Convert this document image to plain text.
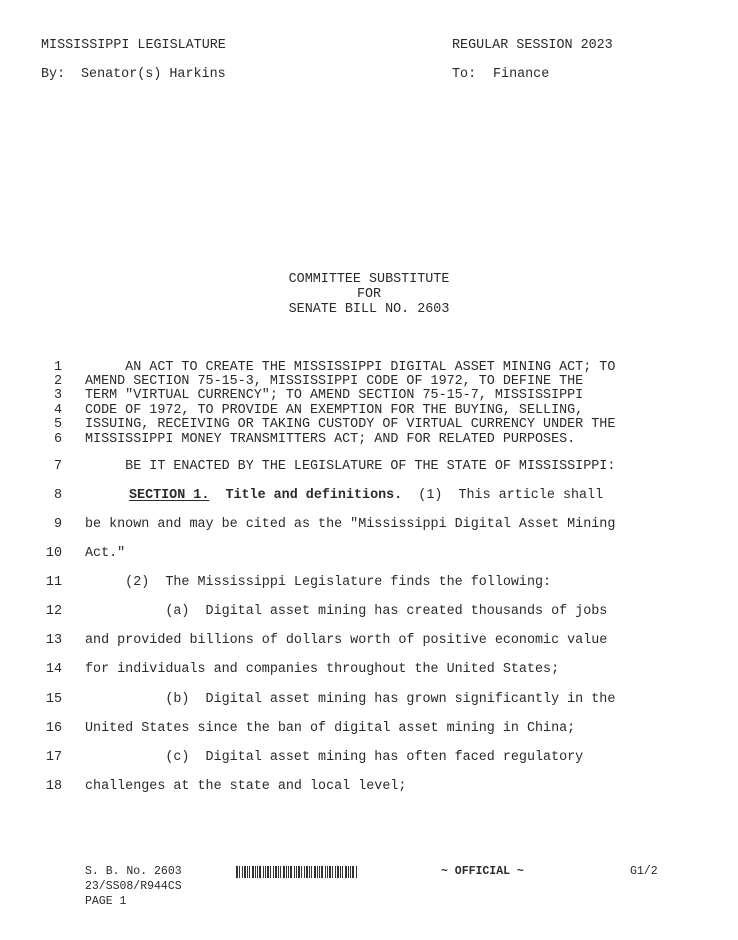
MISSISSIPPI LEGISLATURE	REGULAR SESSION 2023
By: Senator(s) Harkins	To: Finance
COMMITTEE SUBSTITUTE
FOR
SENATE BILL NO. 2603
1 AN ACT TO CREATE THE MISSISSIPPI DIGITAL ASSET MINING ACT; TO
2 AMEND SECTION 75-15-3, MISSISSIPPI CODE OF 1972, TO DEFINE THE
3 TERM "VIRTUAL CURRENCY"; TO AMEND SECTION 75-15-7, MISSISSIPPI
4 CODE OF 1972, TO PROVIDE AN EXEMPTION FOR THE BUYING, SELLING,
5 ISSUING, RECEIVING OR TAKING CUSTODY OF VIRTUAL CURRENCY UNDER THE
6 MISSISSIPPI MONEY TRANSMITTERS ACT; AND FOR RELATED PURPOSES.
7 BE IT ENACTED BY THE LEGISLATURE OF THE STATE OF MISSISSIPPI:
8	SECTION 1. Title and definitions.  (1)  This article shall
9 be known and may be cited as the "Mississippi Digital Asset Mining
10 Act."
11 (2)  The Mississippi Legislature finds the following:
12 (a)  Digital asset mining has created thousands of jobs
13 and provided billions of dollars worth of positive economic value
14 for individuals and companies throughout the United States;
15 (b)  Digital asset mining has grown significantly in the
16 United States since the ban of digital asset mining in China;
17 (c)  Digital asset mining has often faced regulatory
18 challenges at the state and local level;
S. B. No. 2603
23/SS08/R944CS
PAGE 1
~ OFFICIAL ~	G1/2
